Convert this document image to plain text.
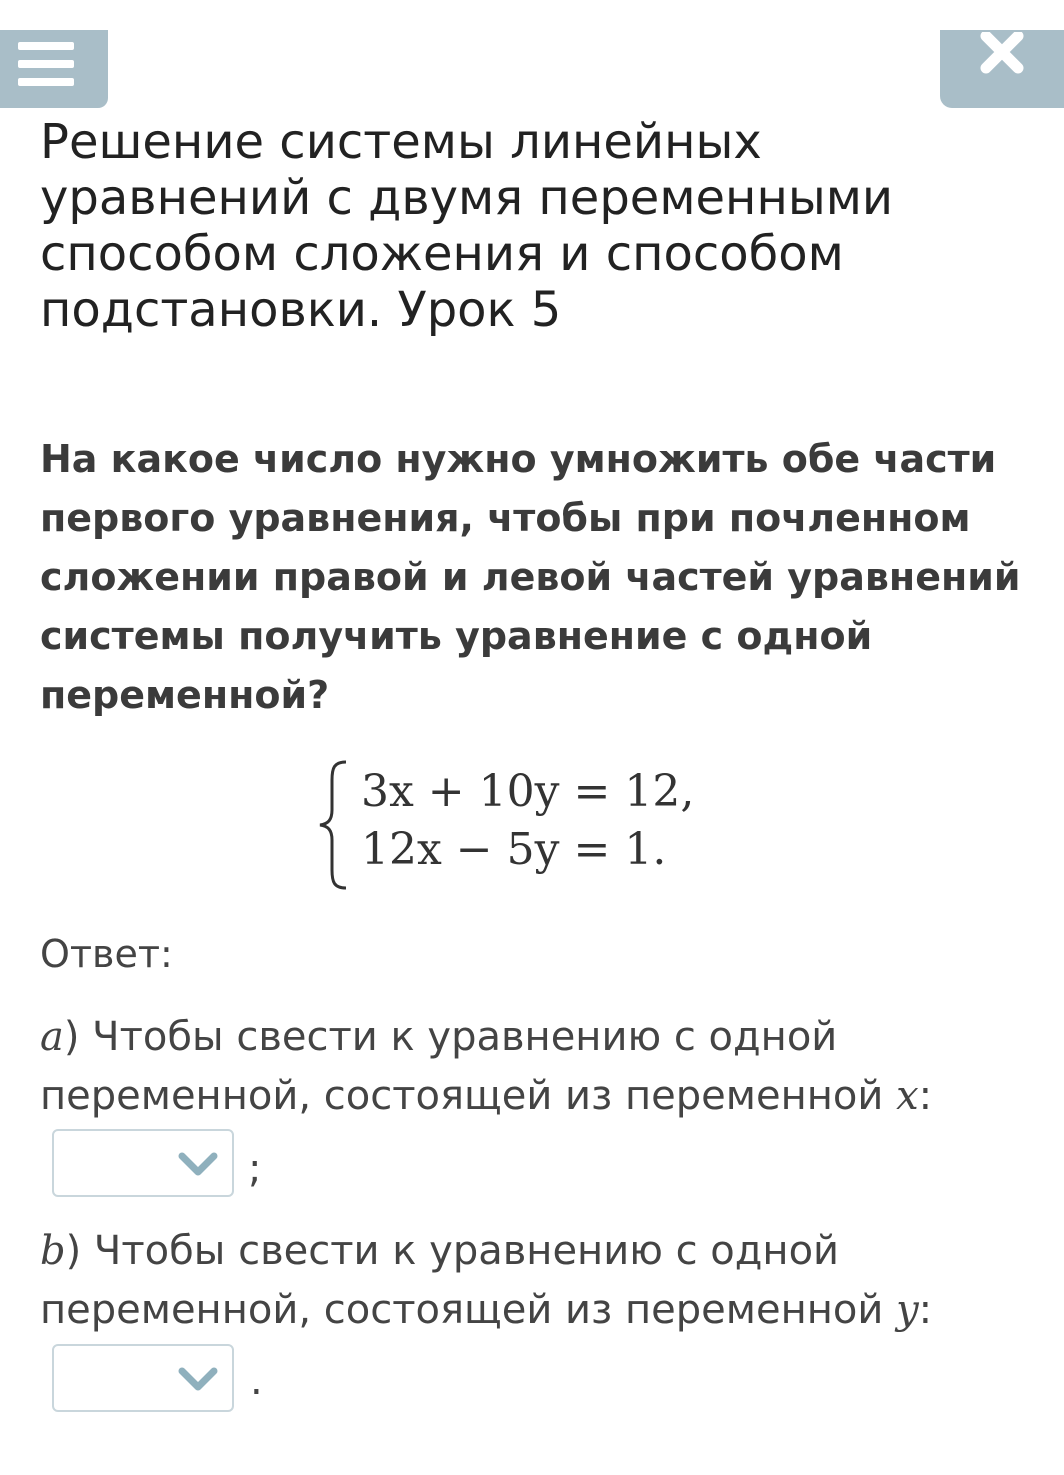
Решение системы линейных уравнений с двумя переменными способом сложения и способом подстановки. Урок 5

На какое число нужно умножить обе части первого уравнения, чтобы при почленном сложении правой и левой частей уравнений системы получить уравнение с одной переменной?

3x + 10y = 12,
12x − 5y = 1.
Ответ:
a) Чтобы свести к уравнению с одной переменной, состоящей из переменной x:
;
b) Чтобы свести к уравнению с одной переменной, состоящей из переменной y:
.
